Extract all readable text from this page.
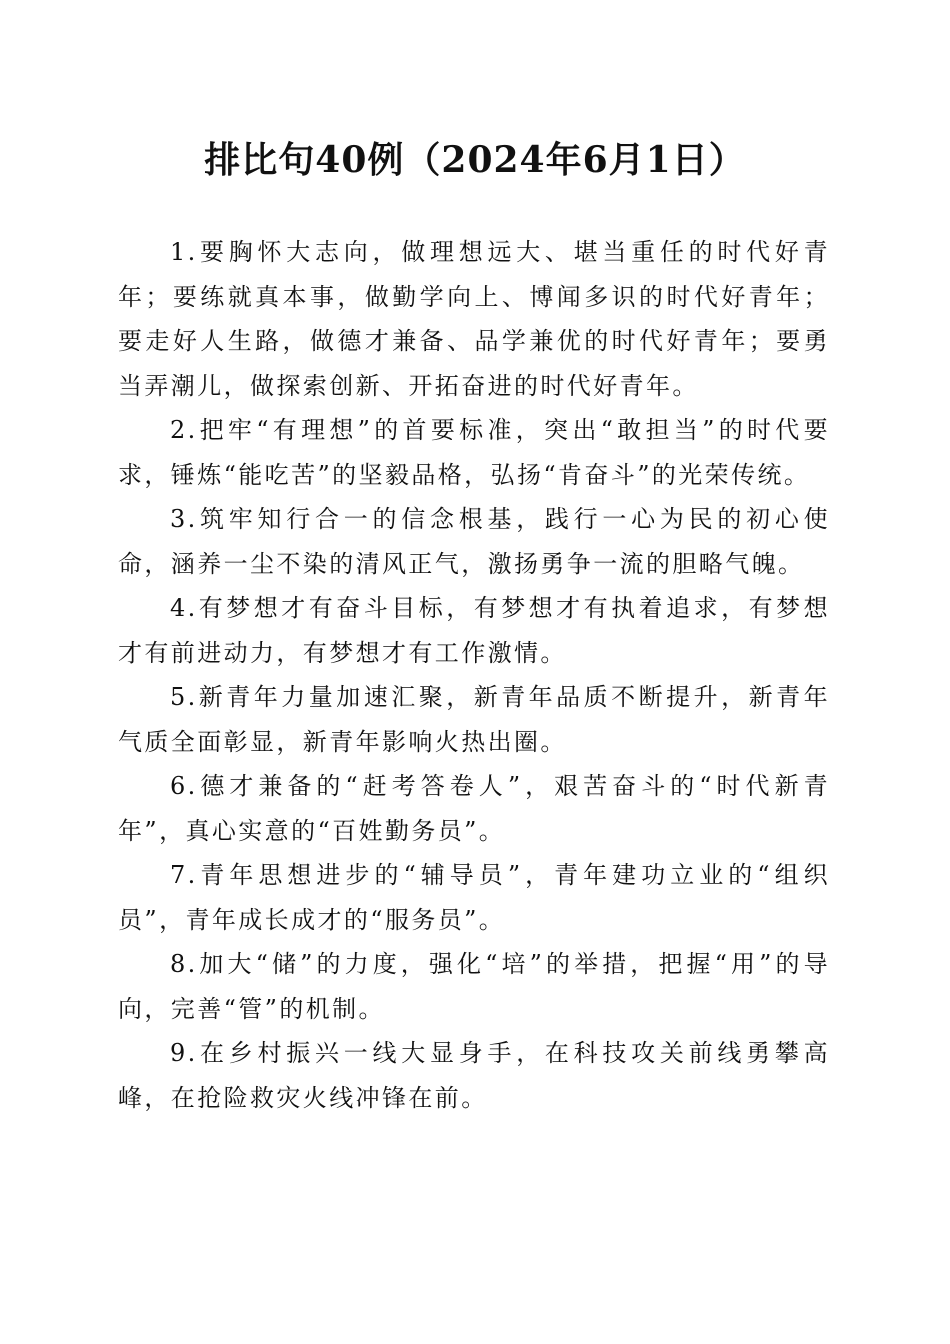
排比句40例（2024年6月1日）

1.要胸怀大志向，做理想远大、堪当重任的时代好青年；要练就真本事，做勤学向上、博闻多识的时代好青年；要走好人生路，做德才兼备、品学兼优的时代好青年；要勇当弄潮儿，做探索创新、开拓奋进的时代好青年。

2.把牢“有理想”的首要标准，突出“敢担当”的时代要求，锤炼“能吃苦”的坚毅品格，弘扬“肯奋斗”的光荣传统。

3.筑牢知行合一的信念根基，践行一心为民的初心使命，涵养一尘不染的清风正气，激扬勇争一流的胆略气魄。

4.有梦想才有奋斗目标，有梦想才有执着追求，有梦想才有前进动力，有梦想才有工作激情。

5.新青年力量加速汇聚，新青年品质不断提升，新青年气质全面彰显，新青年影响火热出圈。

6.德才兼备的“赶考答卷人”，艰苦奋斗的“时代新青年”，真心实意的“百姓勤务员”。

7.青年思想进步的“辅导员”，青年建功立业的“组织员”，青年成长成才的“服务员”。

8.加大“储”的力度，强化“培”的举措，把握“用”的导向，完善“管”的机制。

9.在乡村振兴一线大显身手，在科技攻关前线勇攀高峰，在抢险救灾火线冲锋在前。
